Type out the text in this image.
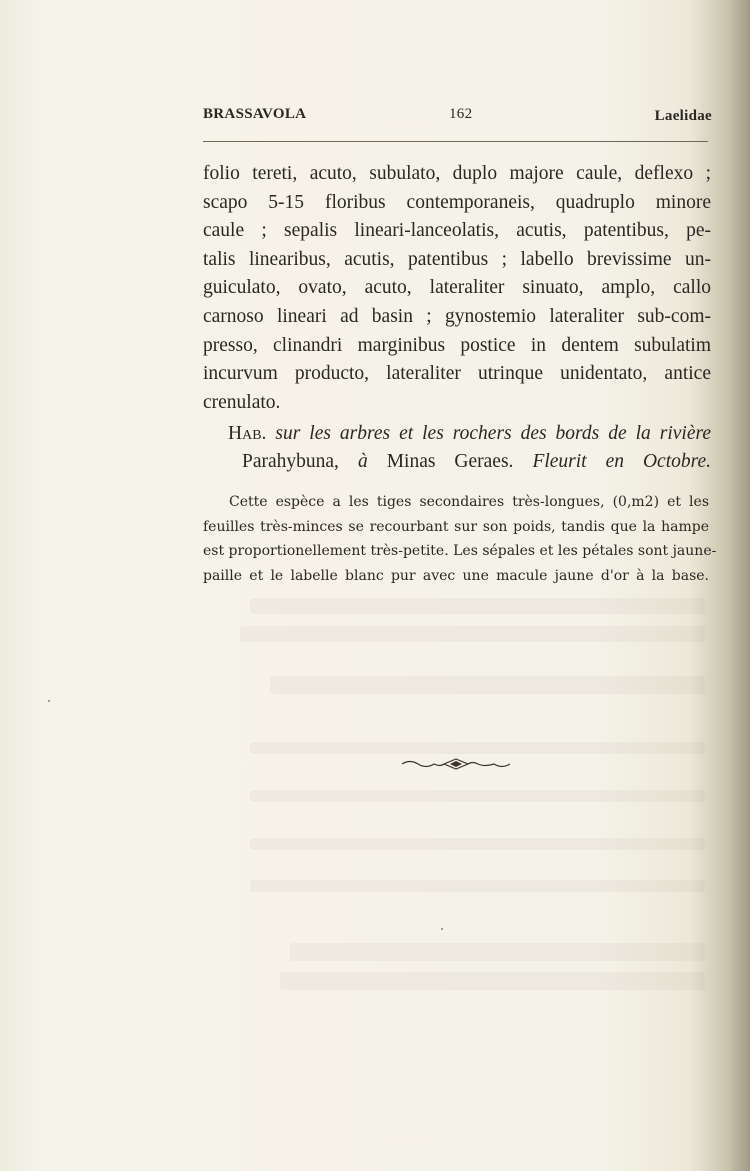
BRASSAVOLA	162	Laelidae

folio tereti, acuto, subulato, duplo majore caule, deflexo ;
scapo 5-15 floribus contemporaneis, quadruplo minore
caule ; sepalis lineari-lanceolatis, acutis, patentibus, pe-
talis linearibus, acutis, patentibus ; labello brevissime un-
guiculato, ovato, acuto, lateraliter sinuato, amplo, callo
carnoso lineari ad basin ; gynostemio lateraliter sub-com-
presso, clinandri marginibus postice in dentem subulatim
incurvum producto, lateraliter utrinque unidentato, antice
crenulato.

Hab. sur les arbres et les rochers des bords de la rivière
Parahybuna, à Minas Geraes. Fleurit en Octobre.

Cette espèce a les tiges secondaires très-longues, (0,m2) et les
feuilles très-minces se recourbant sur son poids, tandis que la hampe
est proportionellement très-petite. Les sépales et les pétales sont jaune-
paille et le labelle blanc pur avec une macule jaune d'or à la base.
